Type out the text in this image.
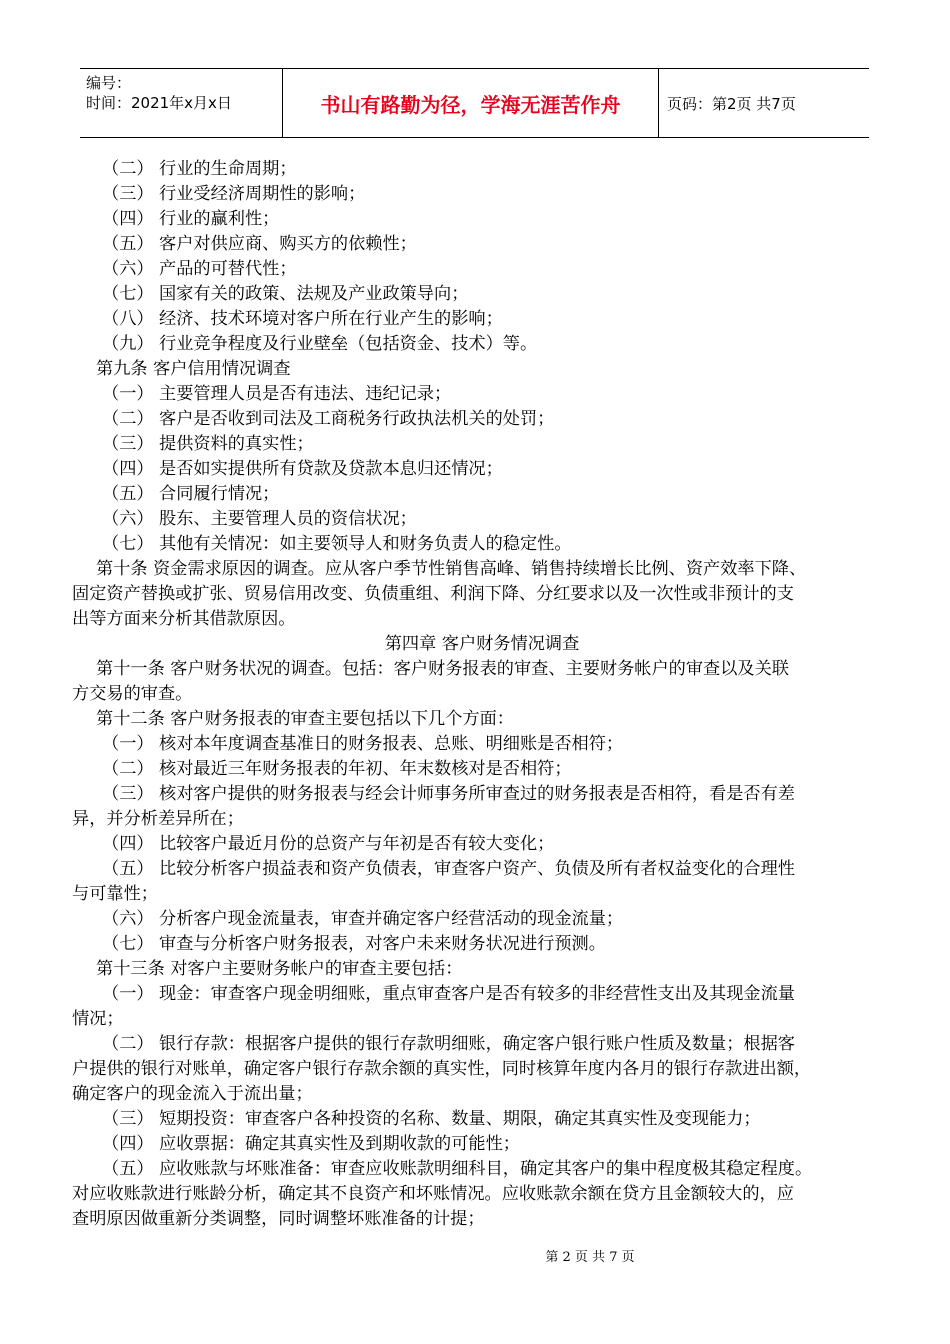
编号：
时间：2021年x月x日	书山有路勤为径，学海无涯苦作舟	页码：第2页 共7页
（二） 行业的生命周期；
（三） 行业受经济周期性的影响；
（四） 行业的赢利性；
（五） 客户对供应商、购买方的依赖性；
（六） 产品的可替代性；
（七） 国家有关的政策、法规及产业政策导向；
（八） 经济、技术环境对客户所在行业产生的影响；
（九） 行业竞争程度及行业壁垒（包括资金、技术）等。
第九条 客户信用情况调查
（一） 主要管理人员是否有违法、违纪记录；
（二） 客户是否收到司法及工商税务行政执法机关的处罚；
（三） 提供资料的真实性；
（四） 是否如实提供所有贷款及贷款本息归还情况；
（五） 合同履行情况；
（六） 股东、主要管理人员的资信状况；
（七） 其他有关情况：如主要领导人和财务负责人的稳定性。
第十条 资金需求原因的调查。应从客户季节性销售高峰、销售持续增长比例、资产效率下降、
固定资产替换或扩张、贸易信用改变、负债重组、利润下降、分红要求以及一次性或非预计的支
出等方面来分析其借款原因。
第四章 客户财务情况调查
第十一条 客户财务状况的调查。包括：客户财务报表的审查、主要财务帐户的审查以及关联
方交易的审查。
第十二条 客户财务报表的审查主要包括以下几个方面：
（一） 核对本年度调查基准日的财务报表、总账、明细账是否相符；
（二） 核对最近三年财务报表的年初、年末数核对是否相符；
（三） 核对客户提供的财务报表与经会计师事务所审查过的财务报表是否相符，看是否有差
异，并分析差异所在；
（四） 比较客户最近月份的总资产与年初是否有较大变化；
（五） 比较分析客户损益表和资产负债表，审查客户资产、负债及所有者权益变化的合理性
与可靠性；
（六） 分析客户现金流量表，审查并确定客户经营活动的现金流量；
（七） 审查与分析客户财务报表，对客户未来财务状况进行预测。
第十三条 对客户主要财务帐户的审查主要包括：
（一） 现金：审查客户现金明细账，重点审查客户是否有较多的非经营性支出及其现金流量
情况；
（二） 银行存款：根据客户提供的银行存款明细账，确定客户银行账户性质及数量；根据客
户提供的银行对账单，确定客户银行存款余额的真实性，同时核算年度内各月的银行存款进出额，
确定客户的现金流入于流出量；
（三） 短期投资：审查客户各种投资的名称、数量、期限，确定其真实性及变现能力；
（四） 应收票据：确定其真实性及到期收款的可能性；
（五） 应收账款与坏账准备：审查应收账款明细科目，确定其客户的集中程度极其稳定程度。
对应收账款进行账龄分析，确定其不良资产和坏账情况。应收账款余额在贷方且金额较大的，应
查明原因做重新分类调整，同时调整坏账准备的计提；
第 2 页 共 7 页
